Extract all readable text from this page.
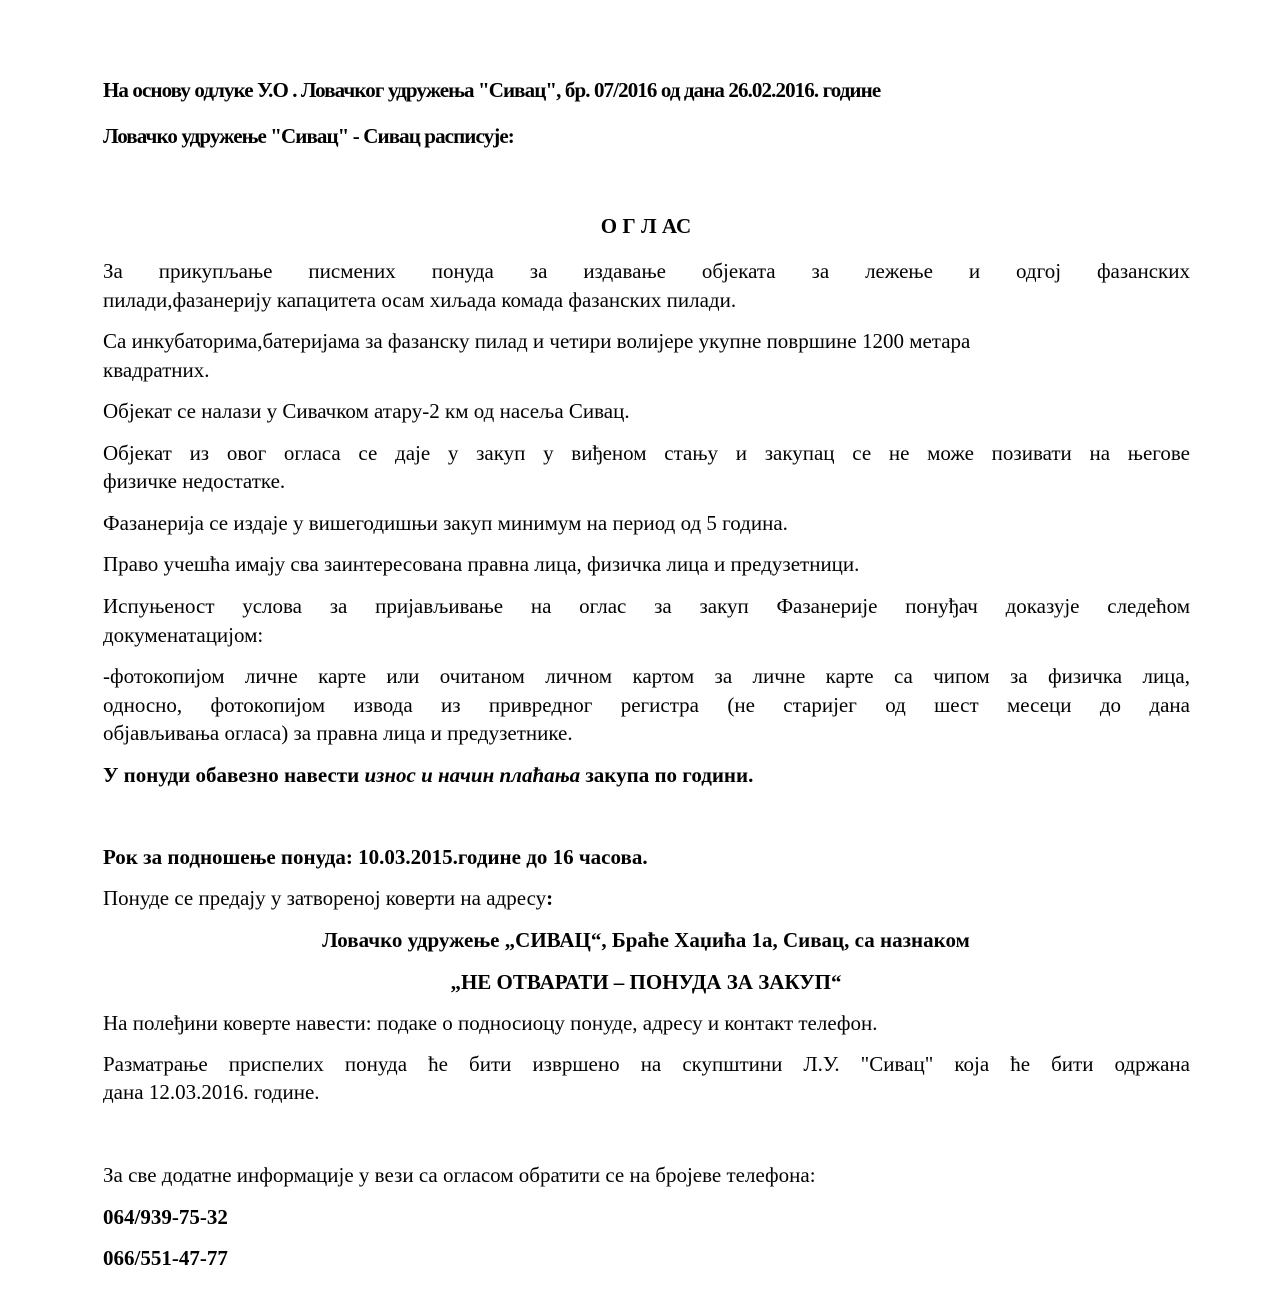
На основу одлуке У.О . Ловачког удружења "Сивац", бр. 07/2016 од дана 26.02.2016. године
Ловачко удружење "Сивац" - Сивац расписује:
О Г Л АС
За прикупљање писмених понуда за издавање објеката за лежење и одгој фазанских
пилади,фазанерију капацитета осам хиљада комада фазанских пилади.
Са инкубаторима,батеријама за фазанску пилад и четири волијере укупне површине 1200 метара
квадратних.
Објекат се налази у Сивачком атару-2 км од насеља Сивац.
Објекат из овог огласа се даје у закуп у виђеном стању и закупац се не може позивати на његове
физичке недостатке.
Фазанерија се издаје у вишегодишњи закуп минимум на период од 5 година.
Право учешћа имају сва заинтересована правна лица, физичка лица и предузетници.
Испуњеност услова за пријављивање на оглас за закуп Фазанерије понуђач доказује следећом
докуменатацијом:
-фотокопијом личне карте или очитаном личном картом за личне карте са чипом за физичка лица,
односно, фотокопијом извода из привредног регистра (не старијег од шест месеци до дана
објављивања огласа) за правна лица и предузетнике.
У понуди обавезно навести износ и начин плаћања закупа по години.
Рок за подношење понуда: 10.03.2015.године до 16 часова.
Понуде се предају у затвореној коверти на адресу:
Ловачко удружење „СИВАЦ“, Браће Хаџића 1а, Сивац, са назнаком
„НЕ ОТВАРАТИ – ПОНУДА ЗА ЗАКУП“
На полеђини коверте навести: подаке о подносиоцу понуде, адресу и контакт телефон.
Разматрање приспелих понуда ће бити извршено на скупштини Л.У. "Сивац" која ће бити одржана
дана 12.03.2016. године.
За све додатне информације у вези са огласом обратити се на бројеве телефона:
064/939-75-32
066/551-47-77
